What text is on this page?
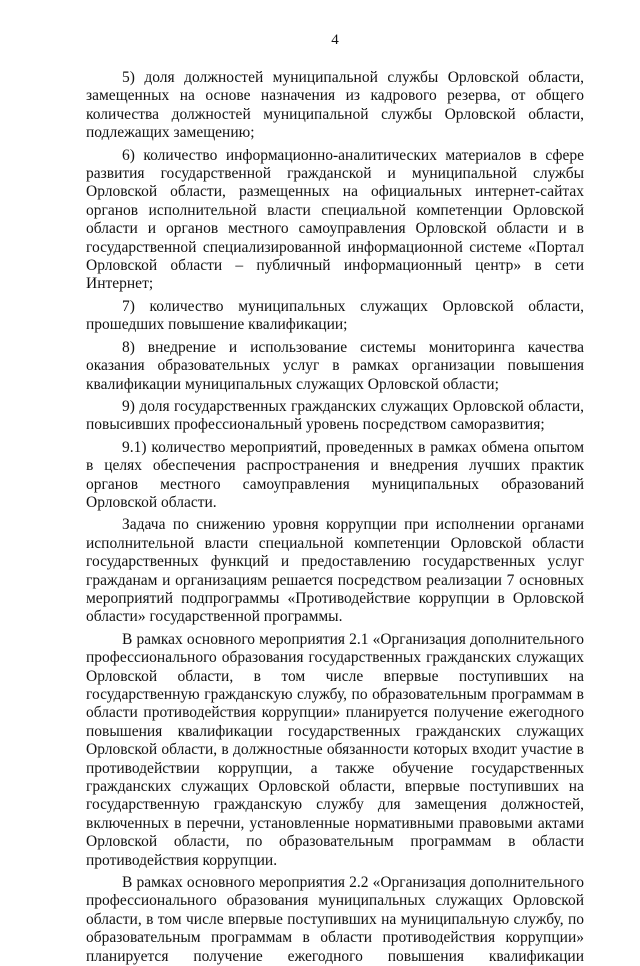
4

5) доля должностей муниципальной службы Орловской области, замещенных на основе назначения из кадрового резерва, от общего количества должностей муниципальной службы Орловской области, подлежащих замещению;

6) количество информационно-аналитических материалов в сфере развития государственной гражданской и муниципальной службы Орловской области, размещенных на официальных интернет-сайтах органов исполнительной власти специальной компетенции Орловской области и органов местного самоуправления Орловской области и в государственной специализированной информационной системе «Портал Орловской области – публичный информационный центр» в сети Интернет;

7) количество муниципальных служащих Орловской области, прошедших повышение квалификации;

8) внедрение и использование системы мониторинга качества оказания образовательных услуг в рамках организации повышения квалификации муниципальных служащих Орловской области;

9) доля государственных гражданских служащих Орловской области, повысивших профессиональный уровень посредством саморазвития;

9.1) количество мероприятий, проведенных в рамках обмена опытом в целях обеспечения распространения и внедрения лучших практик органов местного самоуправления муниципальных образований Орловской области.

Задача по снижению уровня коррупции при исполнении органами исполнительной власти специальной компетенции Орловской области государственных функций и предоставлению государственных услуг гражданам и организациям решается посредством реализации 7 основных мероприятий подпрограммы «Противодействие коррупции в Орловской области» государственной программы.

В рамках основного мероприятия 2.1 «Организация дополнительного профессионального образования государственных гражданских служащих Орловской области, в том числе впервые поступивших на государственную гражданскую службу, по образовательным программам в области противодействия коррупции» планируется получение ежегодного повышения квалификации государственных гражданских служащих Орловской области, в должностные обязанности которых входит участие в противодействии коррупции, а также обучение государственных гражданских служащих Орловской области, впервые поступивших на государственную гражданскую службу для замещения должностей, включенных в перечни, установленные нормативными правовыми актами Орловской области, по образовательным программам в области противодействия коррупции.

В рамках основного мероприятия 2.2 «Организация дополнительного профессионального образования муниципальных служащих Орловской области, в том числе впервые поступивших на муниципальную службу, по образовательным программам в области противодействия коррупции» планируется получение ежегодного повышения квалификации
